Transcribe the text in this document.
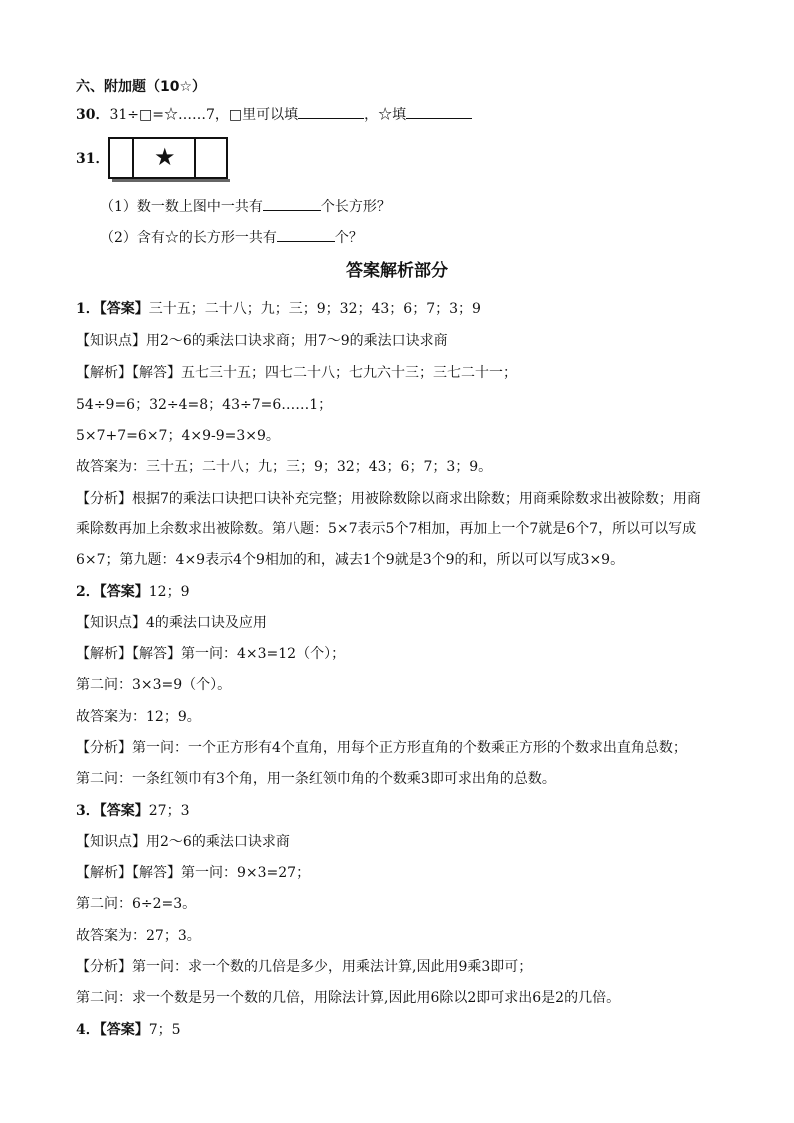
六、附加题（10☆）
30．31÷□=☆……7，□里可以填	，☆填
31． ★
（1）数一数上图中一共有	个长方形？
（2）含有☆的长方形一共有	个？
答案解析部分
1．【答案】三十五；二十八；九；三；9；32；43；6；7；3；9
【知识点】用2～6的乘法口诀求商；用7～9的乘法口诀求商
【解析】【解答】五七三十五；四七二十八；七九六十三；三七二十一；
54÷9=6；32÷4=8；43÷7=6……1；
5×7+7=6×7；4×9-9=3×9。
故答案为：三十五；二十八；九；三；9；32；43；6；7；3；9。
【分析】根据7的乘法口诀把口诀补充完整；用被除数除以商求出除数；用商乘除数求出被除数；用商
乘除数再加上余数求出被除数。第八题：5×7表示5个7相加，再加上一个7就是6个7，所以可以写成
6×7；第九题：4×9表示4个9相加的和，减去1个9就是3个9的和，所以可以写成3×9。
2．【答案】12；9
【知识点】4的乘法口诀及应用
【解析】【解答】第一问：4×3=12（个）；
第二问：3×3=9（个）。
故答案为：12；9。
【分析】第一问：一个正方形有4个直角，用每个正方形直角的个数乘正方形的个数求出直角总数；
第二问：一条红领巾有3个角，用一条红领巾角的个数乘3即可求出角的总数。
3．【答案】27；3
【知识点】用2～6的乘法口诀求商
【解析】【解答】第一问：9×3=27；
第二问：6÷2=3。
故答案为：27；3。
【分析】第一问：求一个数的几倍是多少，用乘法计算,因此用9乘3即可；
第二问：求一个数是另一个数的几倍，用除法计算,因此用6除以2即可求出6是2的几倍。
4．【答案】7；5
